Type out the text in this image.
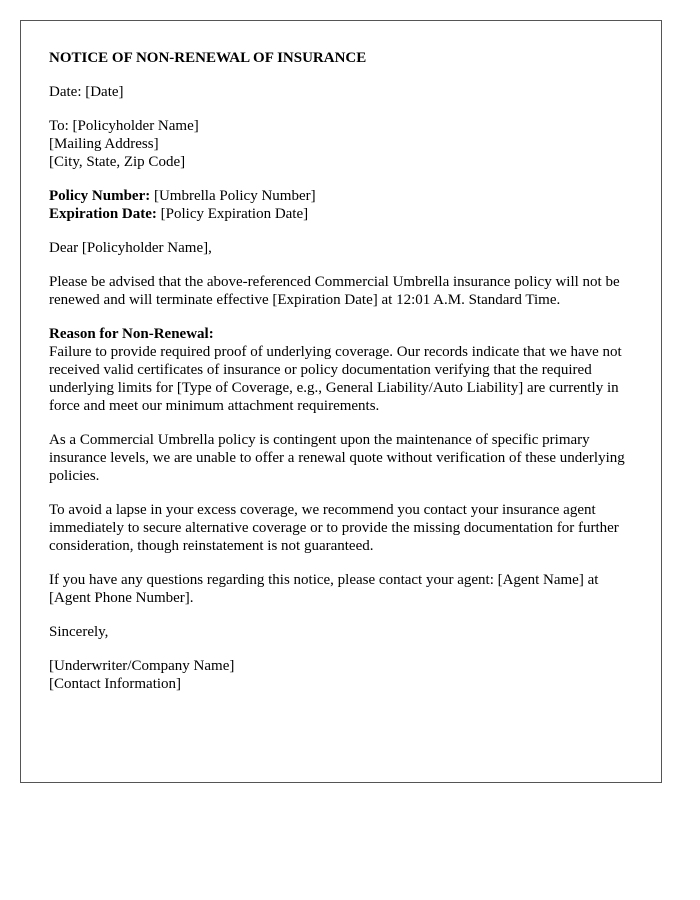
NOTICE OF NON-RENEWAL OF INSURANCE

Date: [Date]

To: [Policyholder Name]
[Mailing Address]
[City, State, Zip Code]

Policy Number: [Umbrella Policy Number]
Expiration Date: [Policy Expiration Date]

Dear [Policyholder Name],

Please be advised that the above-referenced Commercial Umbrella insurance policy will not be renewed and will terminate effective [Expiration Date] at 12:01 A.M. Standard Time.

Reason for Non-Renewal:
Failure to provide required proof of underlying coverage. Our records indicate that we have not received valid certificates of insurance or policy documentation verifying that the required underlying limits for [Type of Coverage, e.g., General Liability/Auto Liability] are currently in force and meet our minimum attachment requirements.

As a Commercial Umbrella policy is contingent upon the maintenance of specific primary insurance levels, we are unable to offer a renewal quote without verification of these underlying policies.

To avoid a lapse in your excess coverage, we recommend you contact your insurance agent immediately to secure alternative coverage or to provide the missing documentation for further consideration, though reinstatement is not guaranteed.

If you have any questions regarding this notice, please contact your agent: [Agent Name] at [Agent Phone Number].

Sincerely,

[Underwriter/Company Name]
[Contact Information]
